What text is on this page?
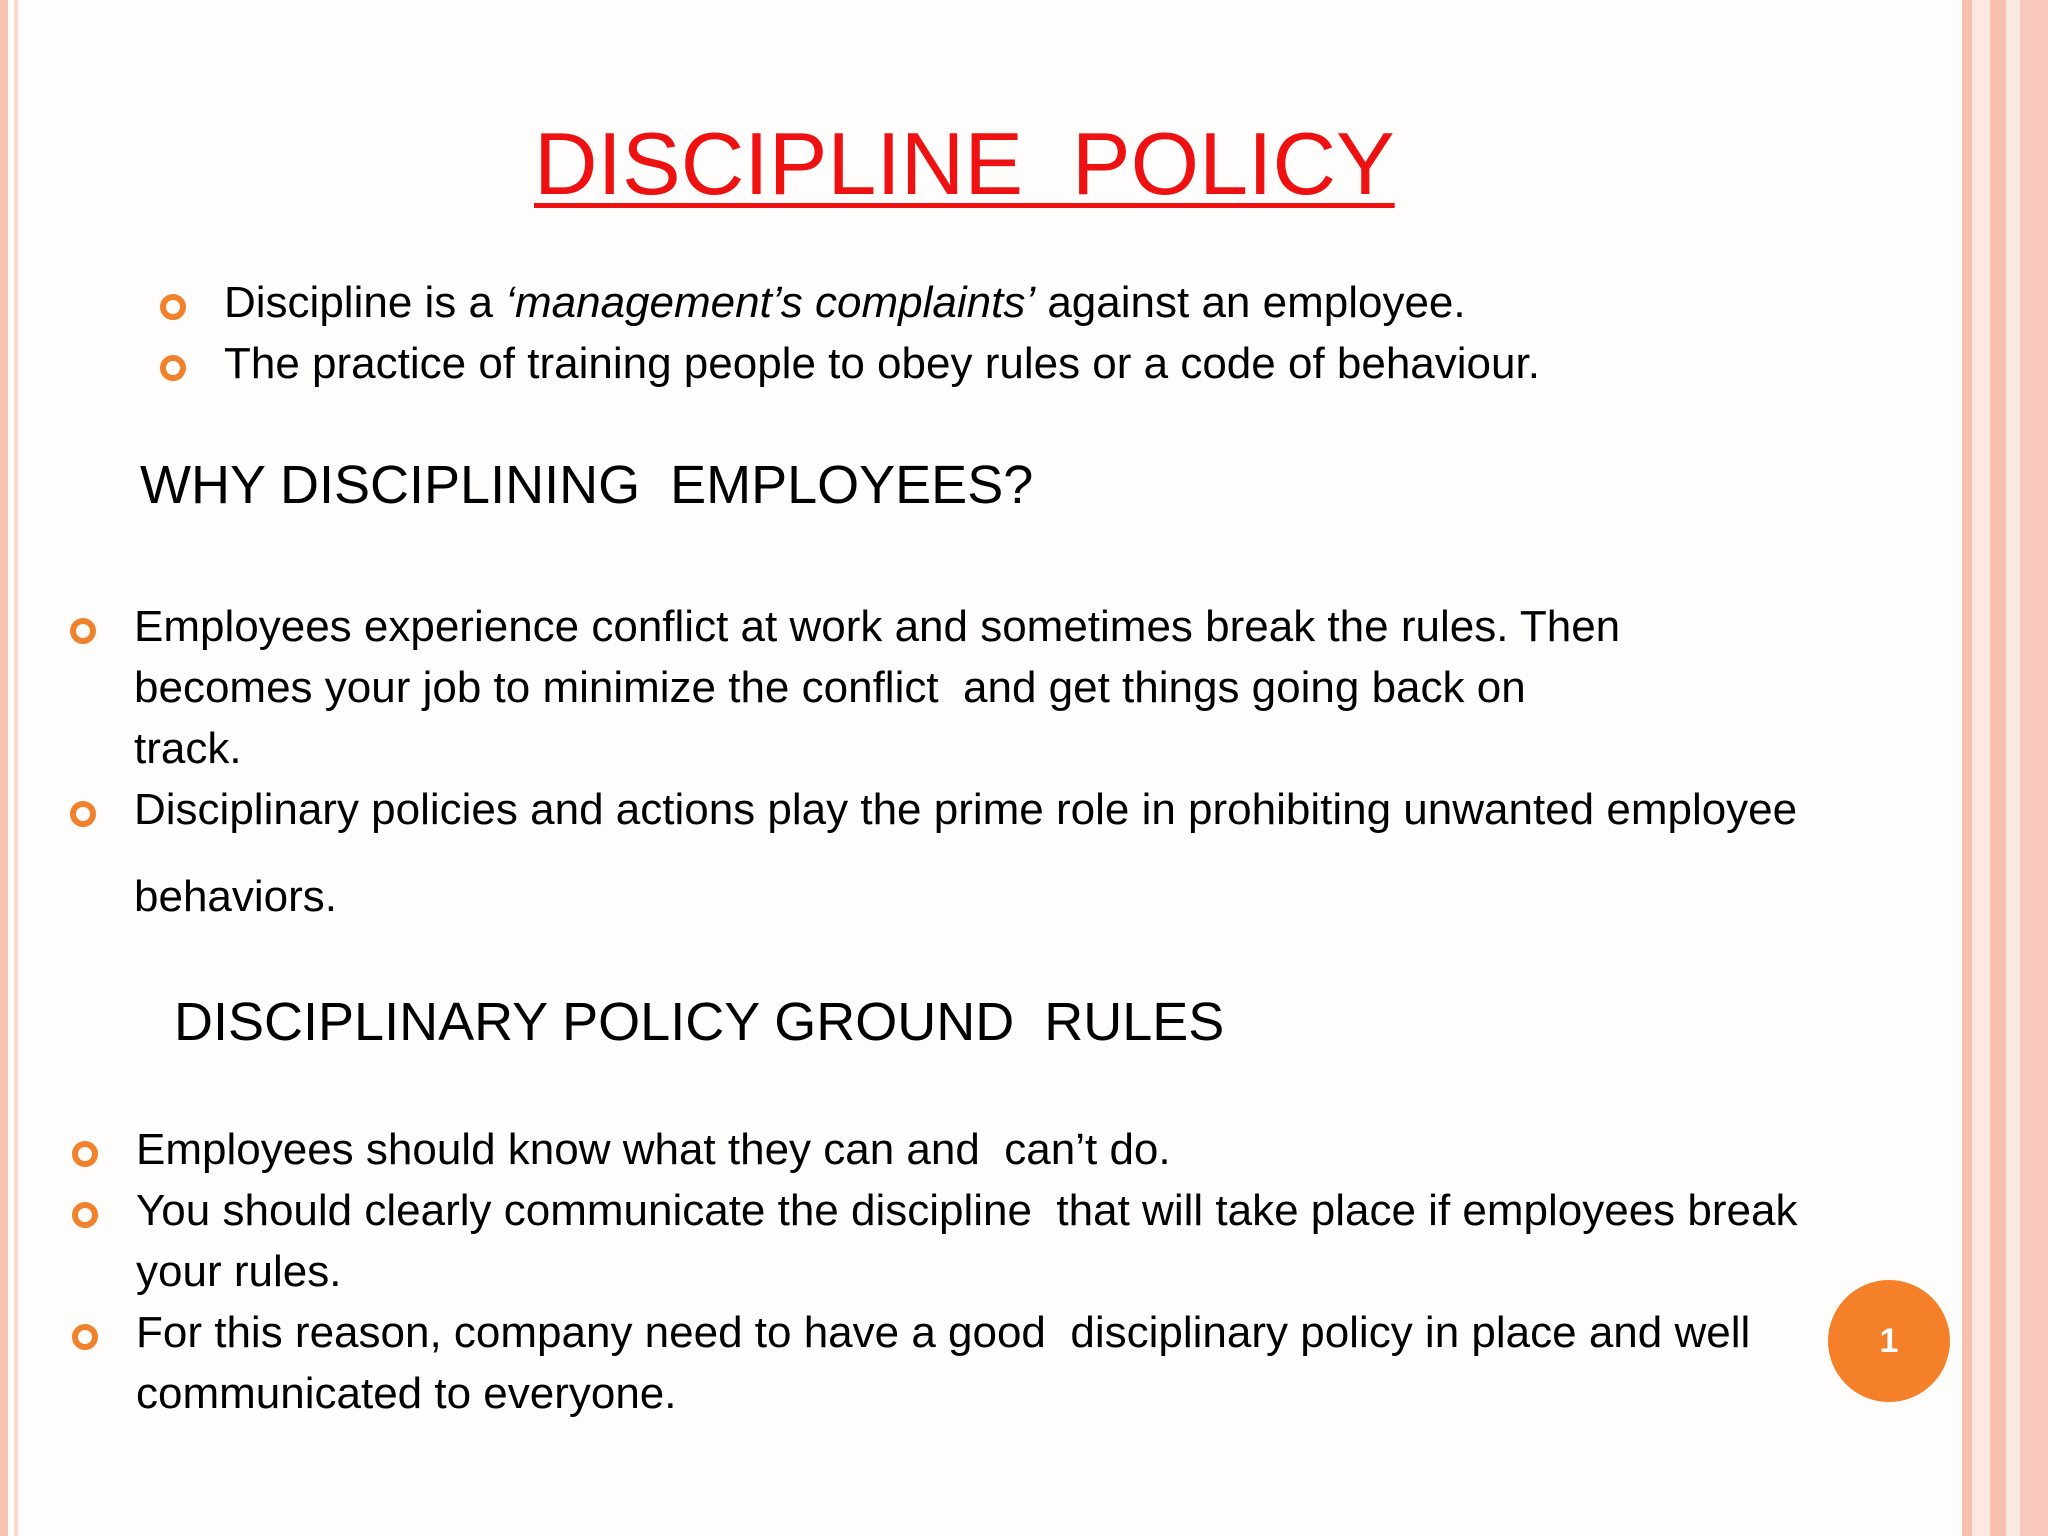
DISCIPLINE  POLICY
Discipline is a ‘management’s complaints’ against an employee.
The practice of training people to obey rules or a code of behaviour.
WHY DISCIPLINING  EMPLOYEES?
Employees experience conflict at work and sometimes break the rules. Then
becomes your job to minimize the conflict  and get things going back on
track.
Disciplinary policies and actions play the prime role in prohibiting unwanted employee
behaviors.
DISCIPLINARY POLICY GROUND  RULES
Employees should know what they can and  can’t do.
You should clearly communicate the discipline  that will take place if employees break
your rules.
For this reason, company need to have a good  disciplinary policy in place and well
communicated to everyone.
1
